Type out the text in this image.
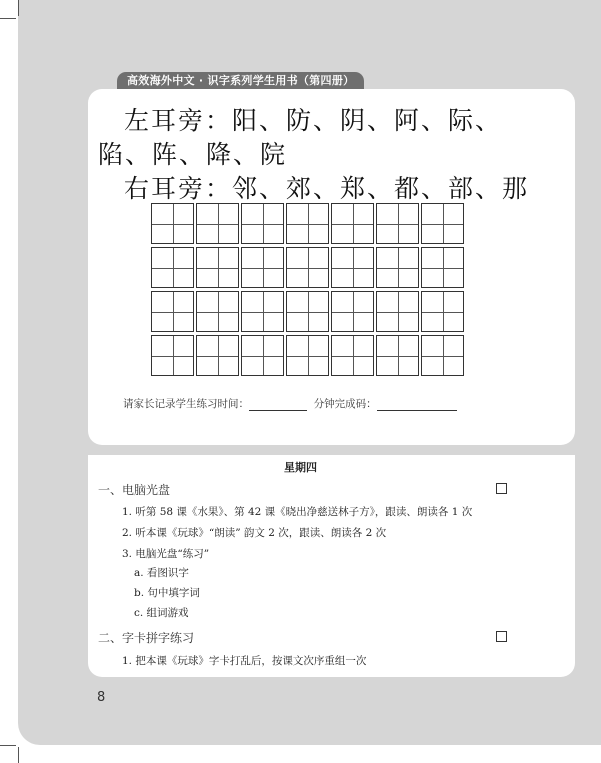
高效海外中文 · 识字系列学生用书（第四册）
左耳旁：阳、防、阴、阿、际、
陷、阵、降、院
右耳旁：邻、郊、郑、都、部、那
请家长记录学生练习时间：	分钟完成码：
星期四
一、电脑光盘
1. 听第 58 课《水果》、第 42 课《晓出净慈送林子方》，跟读、朗读各 1 次
2. 听本课《玩球》“朗读” 韵文 2 次，跟读、朗读各 2 次
3. 电脑光盘“练习”
a. 看图识字
b. 句中填字词
c. 组词游戏
二、字卡拼字练习
1. 把本课《玩球》字卡打乱后，按课文次序重组一次
8
